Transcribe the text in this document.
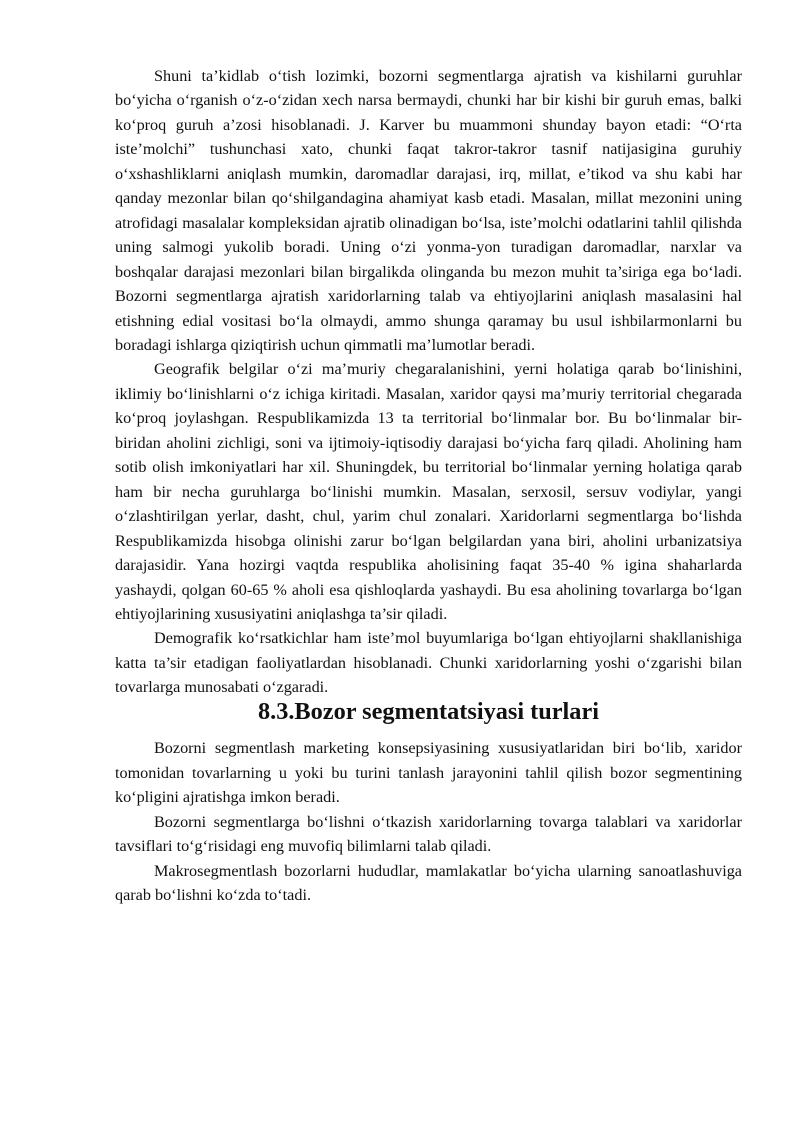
Shuni ta’kidlab o‘tish lozimki, bozorni segmentlarga ajratish va kishilarni guruhlar bo‘yicha o‘rganish o‘z-o‘zidan xech narsa bermaydi, chunki har bir kishi bir guruh emas, balki ko‘proq guruh a’zosi hisoblanadi. J. Karver bu muammoni shunday bayon etadi: “O‘rta iste’molchi” tushunchasi xato, chunki faqat takror-takror tasnif natijasigina guruhiy o‘xshashliklarni aniqlash mumkin, daromadlar darajasi, irq, millat, e’tikod va shu kabi har qanday mezonlar bilan qo‘shilgandagina ahamiyat kasb etadi. Masalan, millat mezonini uning atrofidagi masalalar kompleksidan ajratib olinadigan bo‘lsa, iste’molchi odatlarini tahlil qilishda uning salmogi yukolib boradi. Uning o‘zi yonma-yon turadigan daromadlar, narxlar va boshqalar darajasi mezonlari bilan birgalikda olinganda bu mezon muhit ta’siriga ega bo‘ladi. Bozorni segmentlarga ajratish xaridorlarning talab va ehtiyojlarini aniqlash masalasini hal etishning edial vositasi bo‘la olmaydi, ammo shunga qaramay bu usul ishbilarmonlarni bu boradagi ishlarga qiziqtirish uchun qimmatli ma’lumotlar beradi.

Geografik belgilar o‘zi ma’muriy chegaralanishini, yerni holatiga qarab bo‘linishini, iklimiy bo‘linishlarni o‘z ichiga kiritadi. Masalan, xaridor qaysi ma’muriy territorial chegarada ko‘proq joylashgan. Respublikamizda 13 ta territorial bo‘linmalar bor. Bu bo‘linmalar bir-biridan aholini zichligi, soni va ijtimoiy-iqtisodiy darajasi bo‘yicha farq qiladi. Aholining ham sotib olish imkoniyatlari har xil. Shuningdek, bu territorial bo‘linmalar yerning holatiga qarab ham bir necha guruhlarga bo‘linishi mumkin. Masalan, serxosil, sersuv vodiylar, yangi o‘zlashtirilgan yerlar, dasht, chul, yarim chul zonalari. Xaridorlarni segmentlarga bo‘lishda Respublikamizda hisobga olinishi zarur bo‘lgan belgilardan yana biri, aholini urbanizatsiya darajasidir. Yana hozirgi vaqtda respublika aholisining faqat 35-40 % igina shaharlarda yashaydi, qolgan 60-65 % aholi esa qishloqlarda yashaydi. Bu esa aholining tovarlarga bo‘lgan ehtiyojlarining xususiyatini aniqlashga ta’sir qiladi.

Demografik ko‘rsatkichlar ham iste’mol buyumlariga bo‘lgan ehtiyojlarni shakllanishiga katta ta’sir etadigan faoliyatlardan hisoblanadi. Chunki xaridorlarning yoshi o‘zgarishi bilan tovarlarga munosabati o‘zgaradi.

8.3.Bozor segmentatsiyasi turlari

Bozorni segmentlash marketing konsepsiyasining xususiyatlaridan biri bo‘lib, xaridor tomonidan tovarlarning u yoki bu turini tanlash jarayonini tahlil qilish bozor segmentining ko‘pligini ajratishga imkon beradi.

Bozorni segmentlarga bo‘lishni o‘tkazish xaridorlarning tovarga talablari va xaridorlar tavsiflari to‘g‘risidagi eng muvofiq bilimlarni talab qiladi.

Makrosegmentlash bozorlarni hududlar, mamlakatlar bo‘yicha ularning sanoatlashuviga qarab bo‘lishni ko‘zda to‘tadi.
